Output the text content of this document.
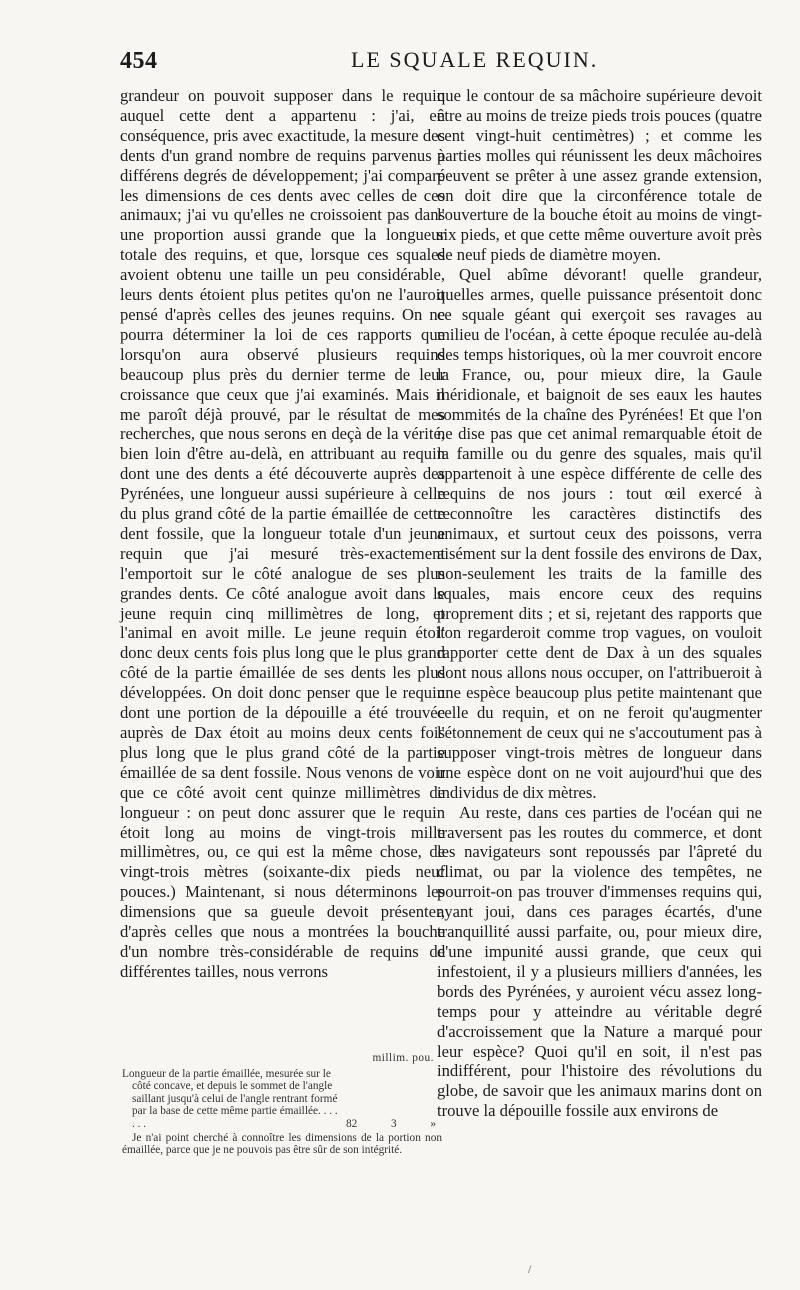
454	LE SQUALE REQUIN.

grandeur on pouvoit supposer dans le requin auquel cette dent a appartenu : j'ai, en conséquence, pris avec exactitude, la mesure des dents d'un grand nombre de requins parvenus à différens degrés de développement; j'ai comparé les dimensions de ces dents avec celles de ces animaux; j'ai vu qu'elles ne croissoient pas dans une proportion aussi grande que la longueur totale des requins, et que, lorsque ces squales avoient obtenu une taille un peu considérable, leurs dents étoient plus petites qu'on ne l'auroit pensé d'après celles des jeunes requins. On ne pourra déterminer la loi de ces rapports que lorsqu'on aura observé plusieurs requins beaucoup plus près du dernier terme de leur croissance que ceux que j'ai examinés. Mais il me paroît déjà prouvé, par le résultat de mes recherches, que nous serons en deçà de la vérité, bien loin d'être au-delà, en attribuant au requin dont une des dents a été découverte auprès des Pyrénées, une longueur aussi supérieure à celle du plus grand côté de la partie émaillée de cette dent fossile, que la longueur totale d'un jeune requin que j'ai mesuré très-exactement l'emportoit sur le côté analogue de ses plus grandes dents. Ce côté analogue avoit dans le jeune requin cinq millimètres de long, et l'animal en avoit mille. Le jeune requin étoit donc deux cents fois plus long que le plus grand côté de la partie émaillée de ses dents les plus développées. On doit donc penser que le requin dont une portion de la dépouille a été trouvée auprès de Dax étoit au moins deux cents fois plus long que le plus grand côté de la partie émaillée de sa dent fossile. Nous venons de voir que ce côté avoit cent quinze millimètres de longueur : on peut donc assurer que le requin étoit long au moins de vingt-trois mille millimètres, ou, ce qui est la même chose, de vingt-trois mètres (soixante-dix pieds neuf pouces.) Maintenant, si nous déterminons les dimensions que sa gueule devoit présenter, d'après celles que nous a montrées la bouche d'un nombre très-considérable de requins de différentes tailles, nous verrons

que le contour de sa mâchoire supérieure devoit être au moins de treize pieds trois pouces (quatre cent vingt-huit centimètres) ; et comme les parties molles qui réunissent les deux mâchoires peuvent se prêter à une assez grande extension, on doit dire que la circonférence totale de l'ouverture de la bouche étoit au moins de vingt-six pieds, et que cette même ouverture avoit près de neuf pieds de diamètre moyen.

Quel abîme dévorant! quelle grandeur, quelles armes, quelle puissance présentoit donc ce squale géant qui exerçoit ses ravages au milieu de l'océan, à cette époque reculée au-delà des temps historiques, où la mer couvroit encore la France, ou, pour mieux dire, la Gaule méridionale, et baignoit de ses eaux les hautes sommités de la chaîne des Pyrénées! Et que l'on ne dise pas que cet animal remarquable étoit de la famille ou du genre des squales, mais qu'il appartenoit à une espèce différente de celle des requins de nos jours : tout œil exercé à reconnoître les caractères distinctifs des animaux, et surtout ceux des poissons, verra aisément sur la dent fossile des environs de Dax, non-seulement les traits de la famille des squales, mais encore ceux des requins proprement dits ; et si, rejetant des rapports que l'on regarderoit comme trop vagues, on vouloit rapporter cette dent de Dax à un des squales dont nous allons nous occuper, on l'attribueroit à une espèce beaucoup plus petite maintenant que celle du requin, et on ne feroit qu'augmenter l'étonnement de ceux qui ne s'accoutument pas à supposer vingt-trois mètres de longueur dans une espèce dont on ne voit aujourd'hui que des individus de dix mètres.

Au reste, dans ces parties de l'océan qui ne traversent pas les routes du commerce, et dont les navigateurs sont repoussés par l'âpreté du climat, ou par la violence des tempêtes, ne pourroit-on pas trouver d'immenses requins qui, ayant joui, dans ces parages écartés, d'une tranquillité aussi parfaite, ou, pour mieux dire, d'une impunité aussi grande, que ceux qui infestoient, il y a plusieurs milliers d'années, les bords des Pyrénées, y auroient vécu assez long-temps pour y atteindre au véritable degré d'accroissement que la Nature a marqué pour leur espèce? Quoi qu'il en soit, il n'est pas indifférent, pour l'histoire des révolutions du globe, de savoir que les animaux marins dont on trouve la dépouille fossile aux environs de

millim. pou.
Longueur de la partie émaillée, mesurée sur le côté concave, et depuis le sommet de l'angle saillant jusqu'à celui de l'angle rentrant formé par la base de cette même partie émaillée. . . . . . .	82	3	»
Je n'ai point cherché à connoître les dimensions de la portion non émaillée, parce que je ne pouvois pas être sûr de son intégrité.
/
